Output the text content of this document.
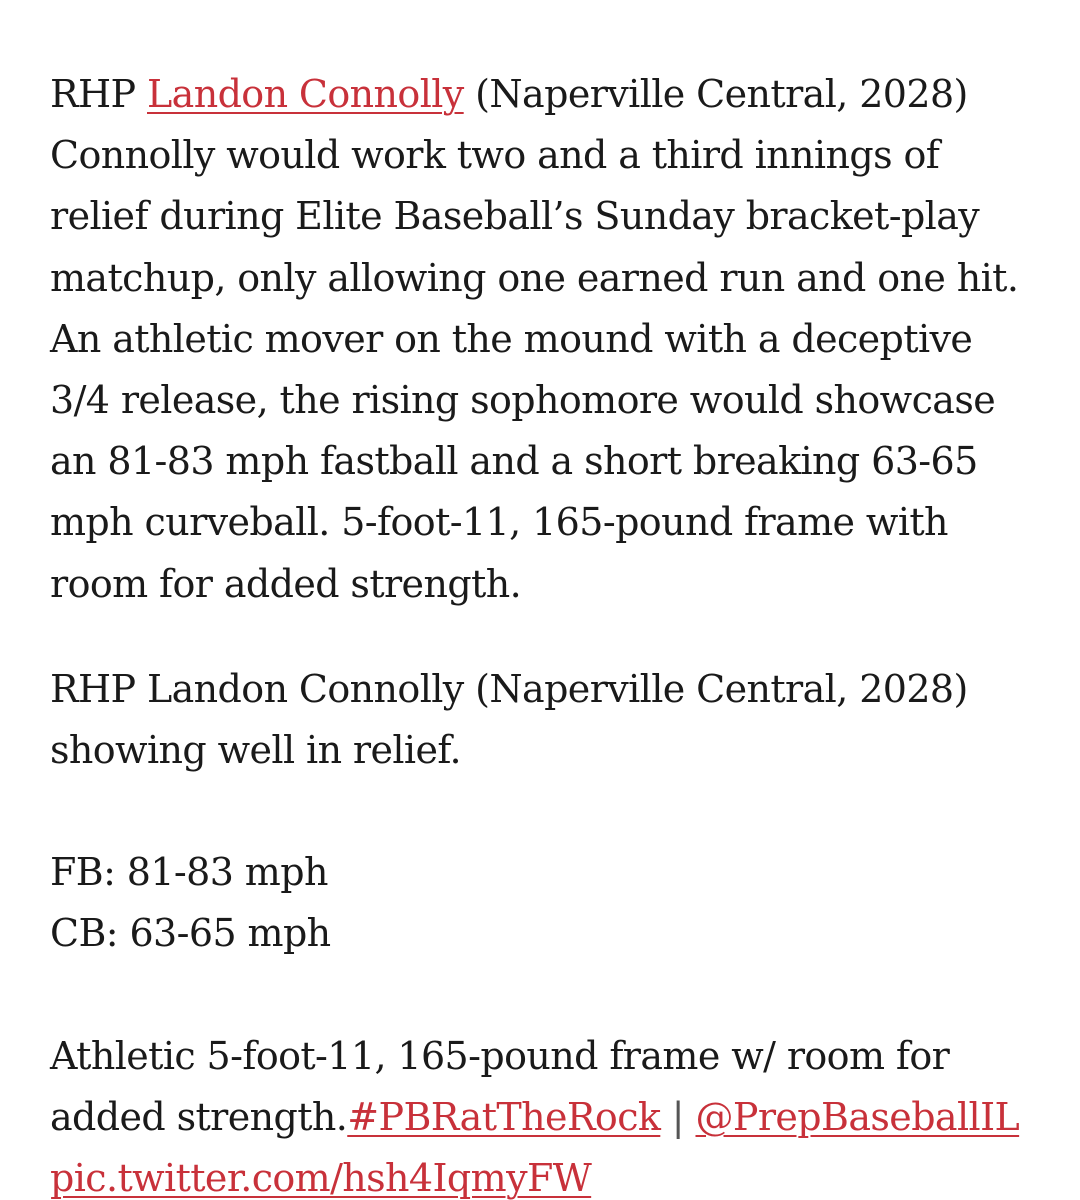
RHP Landon Connolly (Naperville Central, 2028) Connolly would work two and a third innings of relief during Elite Baseball’s Sunday bracket-play matchup, only allowing one earned run and one hit. An athletic mover on the mound with a deceptive 3/4 release, the rising sophomore would showcase an 81-83 mph fastball and a short breaking 63-65 mph curveball. 5-foot-11, 165-pound frame with room for added strength.

RHP Landon Connolly (Naperville Central, 2028) showing well in relief.

FB: 81-83 mph

CB: 63-65 mph

Athletic 5-foot-11, 165-pound frame w/ room for added strength.#PBRatTheRock | @PrepBaseballIL pic.twitter.com/hsh4IqmyFW
